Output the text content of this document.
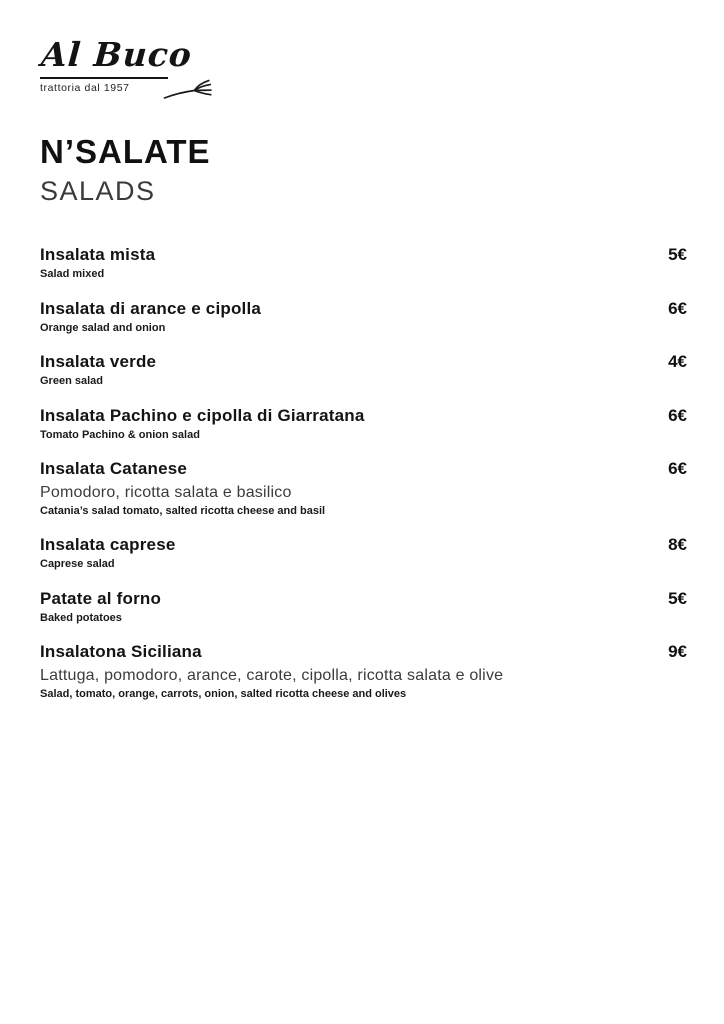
Al Buco
trattoria dal 1957
N’SALATE
SALADS
Insalata mista
Salad mixed
5€
Insalata di arance e cipolla
Orange salad and onion
6€
Insalata verde
Green salad
4€
Insalata Pachino e cipolla di Giarratana
Tomato Pachino & onion salad
6€
Insalata Catanese
Pomodoro, ricotta salata e basilico
Catania’s salad tomato, salted ricotta cheese and basil
6€
Insalata caprese
Caprese salad
8€
Patate al forno
Baked potatoes
5€
Insalatona Siciliana
Lattuga, pomodoro, arance, carote, cipolla, ricotta salata e olive
Salad, tomato, orange, carrots, onion, salted ricotta cheese and olives
9€
